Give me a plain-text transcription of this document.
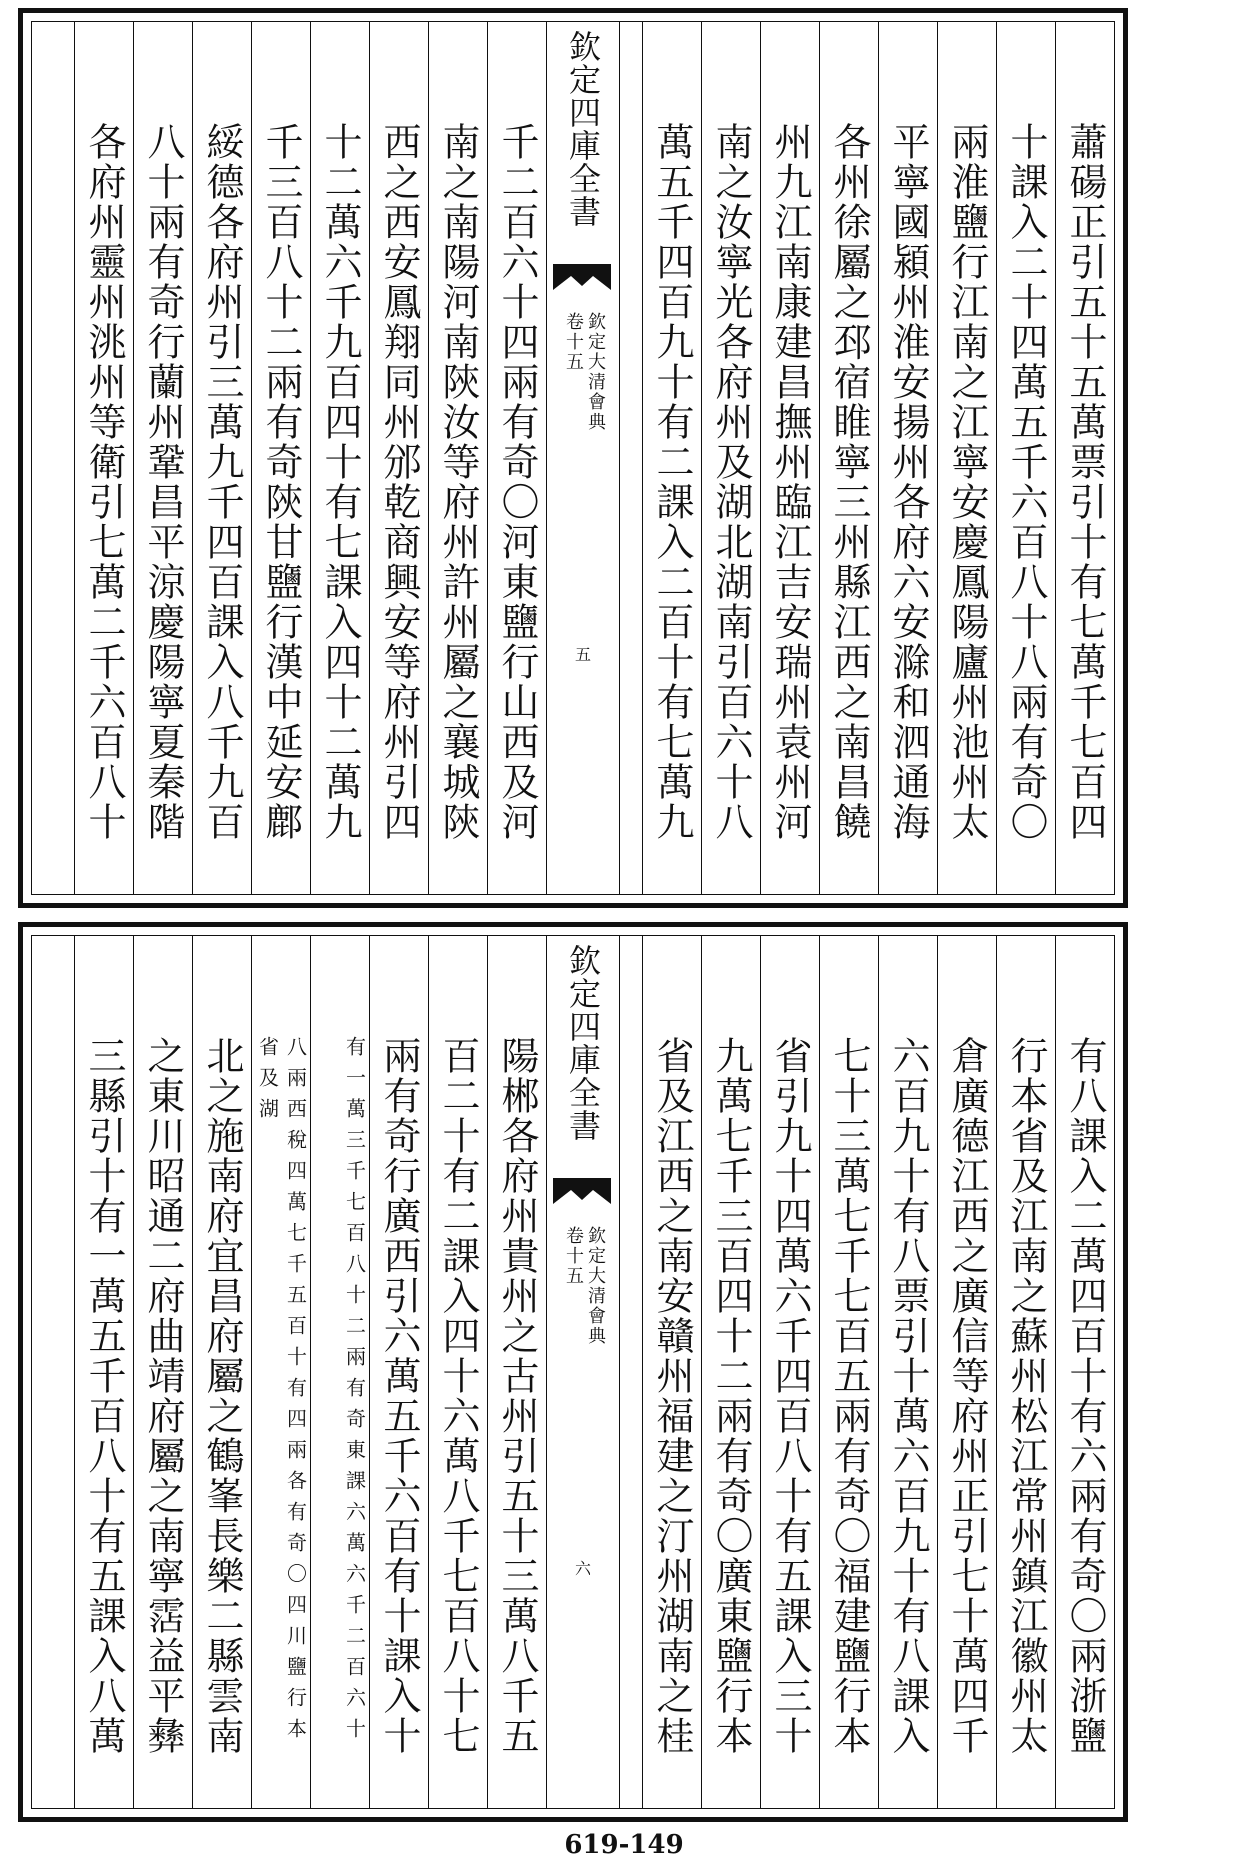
蕭碭正引五十五萬票引十有七萬千七百四
十課入二十四萬五千六百八十八兩有奇〇
兩淮鹽行江南之江寧安慶鳳陽廬州池州太
平寧國潁州淮安揚州各府六安滁和泗通海
各州徐屬之邳宿睢寧三州縣江西之南昌饒
州九江南康建昌撫州臨江吉安瑞州袁州河
南之汝寧光各府州及湖北湖南引百六十八
萬五千四百九十有二課入二百十有七萬九
欽定四庫全書
欽定大清會典
卷十五
五
千二百六十四兩有奇〇河東鹽行山西及河
南之南陽河南陝汝等府州許州屬之襄城陝
西之西安鳳翔同州邠乾商興安等府州引四
十二萬六千九百四十有七課入四十二萬九
千三百八十二兩有奇陝甘鹽行漢中延安鄜
綏德各府州引三萬九千四百課入八千九百
八十兩有奇行蘭州鞏昌平涼慶陽寧夏秦階
各府州靈州洮州等衛引七萬二千六百八十
有八課入二萬四百十有六兩有奇〇兩浙鹽
行本省及江南之蘇州松江常州鎮江徽州太
倉廣德江西之廣信等府州正引七十萬四千
六百九十有八票引十萬六百九十有八課入
七十三萬七千七百五兩有奇〇福建鹽行本
省引九十四萬六千四百八十有五課入三十
九萬七千三百四十二兩有奇〇廣東鹽行本
省及江西之南安贛州福建之汀州湖南之桂
欽定四庫全書
欽定大清會典
卷十五
六
陽郴各府州貴州之古州引五十三萬八千五
百二十有二課入四十六萬八千七百八十七
兩有奇行廣西引六萬五千六百有十課入十
有一萬三千七百八十二兩有奇東課六萬六千二百六十
八兩西稅四萬七千五百十有四兩各有奇〇四川鹽行本省及湖
北之施南府宜昌府屬之鶴峯長樂二縣雲南
之東川昭通二府曲靖府屬之南寧霑益平彝
三縣引十有一萬五千百八十有五課入八萬
619-149
